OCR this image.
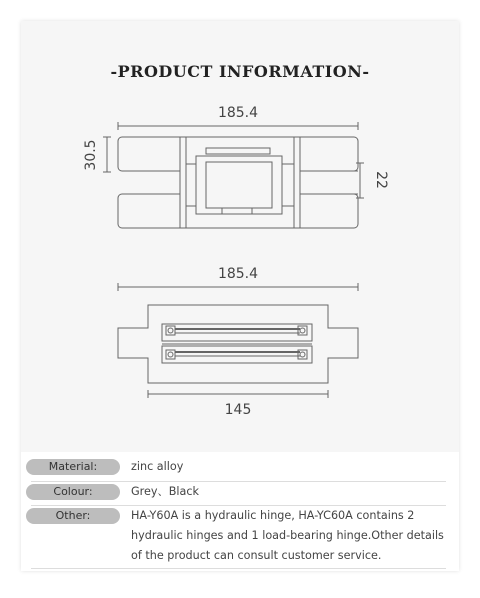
-PRODUCT INFORMATION-
185.4
30.5
22
185.4
145
Material:	zinc alloy
Colour:	Grey、Black
Other:	HA-Y60A is a hydraulic hinge, HA-YC60A contains 2 hydraulic hinges and 1 load-bearing hinge.Other details of the product can consult customer service.
